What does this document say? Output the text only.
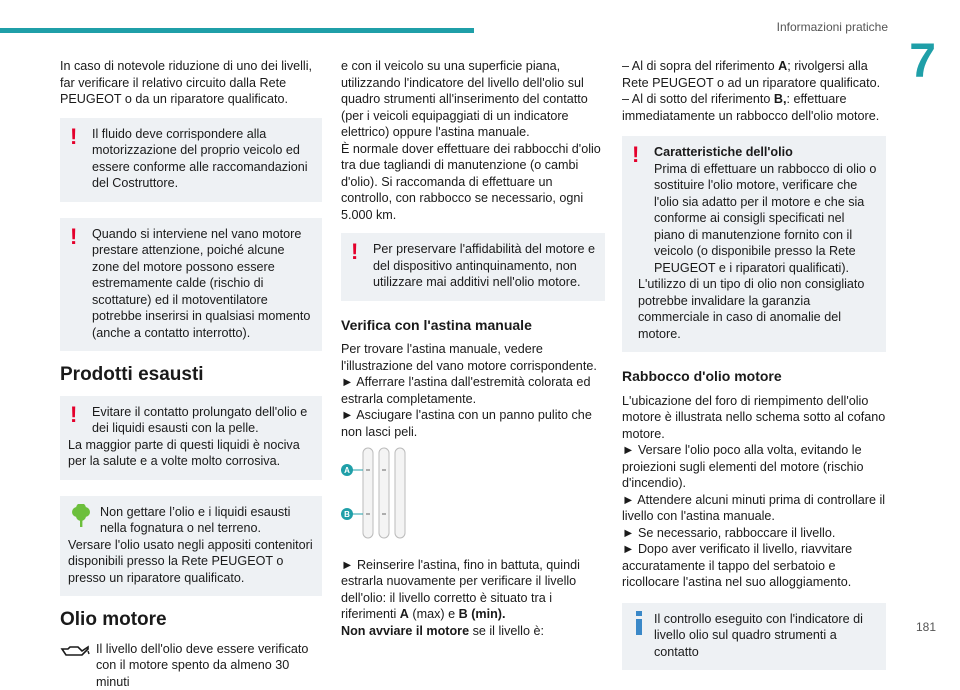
Informazioni pratiche
7

In caso di notevole riduzione di uno dei livelli, far verificare il relativo circuito dalla Rete PEUGEOT o da un riparatore qualificato.

!	Il fluido deve corrispondere alla motorizzazione del proprio veicolo ed essere conforme alle raccomandazioni del Costruttore.
!	Quando si interviene nel vano motore prestare attenzione, poiché alcune zone del motore possono essere estremamente calde (rischio di scottature) ed il motoventilatore potrebbe inserirsi in qualsiasi momento (anche a contatto interrotto).
Prodotti esausti
!	Evitare il contatto prolungato dell'olio e dei liquidi esausti con la pelle.
La maggior parte di questi liquidi è nociva per la salute e a volte molto corrosiva.
Non gettare l’olio e i liquidi esausti nella fognatura o nel terreno.
Versare l'olio usato negli appositi contenitori disponibili presso la Rete PEUGEOT o presso un riparatore qualificato.
Olio motore
Il livello dell'olio deve essere verificato con il motore spento da almeno 30 minuti

e con il veicolo su una superficie piana, utilizzando l'indicatore del livello dell'olio sul quadro strumenti all'inserimento del contatto (per i veicoli equipaggiati di un indicatore elettrico) oppure l'astina manuale.

È normale dover effettuare dei rabbocchi d'olio tra due tagliandi di manutenzione (o cambi d'olio). Si raccomanda di effettuare un controllo, con rabbocco se necessario, ogni 5.000 km.

!	Per preservare l'affidabilità del motore e del dispositivo antinquinamento, non utilizzare mai additivi nell'olio motore.
Verifica con l'astina manuale
Per trovare l'astina manuale, vedere l'illustrazione del vano motore corrispondente.
► Afferrare l'astina dall'estremità colorata ed estrarla completamente.
► Asciugare l'astina con un panno pulito che non lasci peli.
A
B
► Reinserire l'astina, fino in battuta, quindi estrarla nuovamente per verificare il livello dell'olio: il livello corretto è situato tra i riferimenti A (max) e B (min).
Non avviare il motore se il livello è:
– Al di sopra del riferimento A; rivolgersi alla Rete PEUGEOT o ad un riparatore qualificato.
– Al di sotto del riferimento B,: effettuare immediatamente un rabbocco dell'olio motore.
!	Caratteristiche dell'olio
Prima di effettuare un rabbocco di olio o sostituire l'olio motore, verificare che l'olio sia adatto per il motore e che sia conforme ai consigli specificati nel piano di manutenzione fornito con il veicolo (o disponibile presso la Rete PEUGEOT e i riparatori qualificati).
L'utilizzo di un tipo di olio non consigliato potrebbe invalidare la garanzia commerciale in caso di anomalie del motore.
Rabbocco d'olio motore
L'ubicazione del foro di riempimento dell'olio motore è illustrata nello schema sotto al cofano motore.
► Versare l'olio poco alla volta, evitando le proiezioni sugli elementi del motore (rischio d'incendio).
► Attendere alcuni minuti prima di controllare il livello con l'astina manuale.
► Se necessario, rabboccare il livello.
► Dopo aver verificato il livello, riavvitare accuratamente il tappo del serbatoio e ricollocare l'astina nel suo alloggiamento.
Il controllo eseguito con l'indicatore di livello olio sul quadro strumenti a contatto
181
